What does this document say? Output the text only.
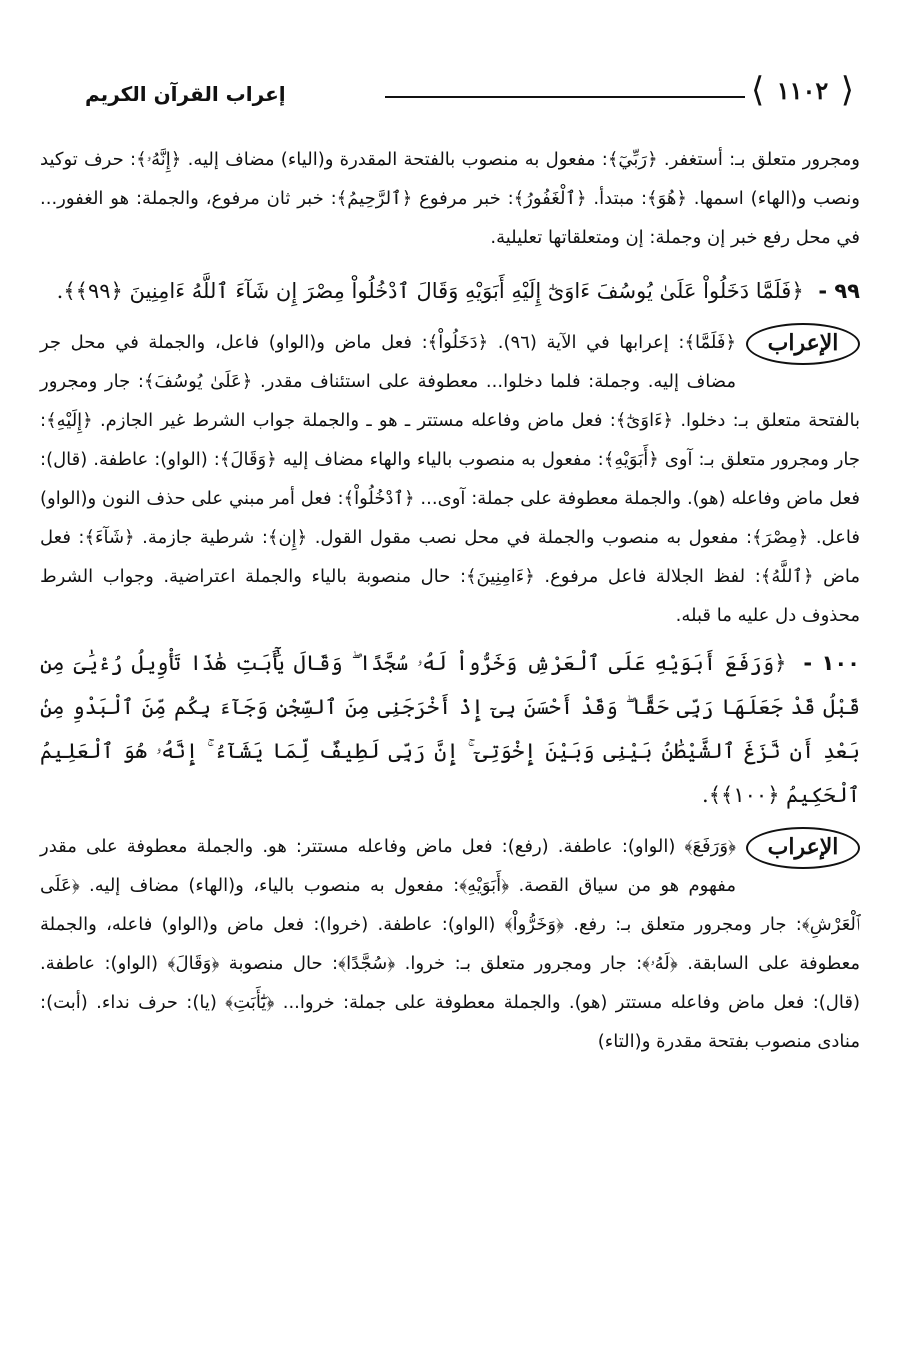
⟨ ١١٠٢ ⟩
إعراب القرآن الكريم

ومجرور متعلق بـ: أستغفر. ﴿رَبِّيٓ﴾: مفعول به منصوب بالفتحة المقدرة و(الياء) مضاف إليه. ﴿إِنَّهُۥ﴾: حرف توكيد ونصب و(الهاء) اسمها. ﴿هُوَ﴾: مبتدأ. ﴿ٱلْغَفُورُ﴾: خبر مرفوع ﴿ٱلرَّحِيمُ﴾: خبر ثان مرفوع، والجملة: هو الغفور... في محل رفع خبر إن وجملة: إن ومتعلقاتها تعليلية.

٩٩ - ﴿فَلَمَّا دَخَلُواْ عَلَىٰ يُوسُفَ ءَاوَىٰٓ إِلَيْهِ أَبَوَيْهِ وَقَالَ ٱدْخُلُواْ مِصْرَ إِن شَآءَ ٱللَّهُ ءَامِنِينَ ﴿٩٩﴾﴾.
الإعراب
﴿فَلَمَّا﴾: إعرابها في الآية (٩٦). ﴿دَخَلُواْ﴾: فعل ماض و(الواو) فاعل، والجملة في محل جر مضاف إليه. وجملة: فلما دخلوا... معطوفة على استئناف مقدر. ﴿عَلَىٰ يُوسُفَ﴾: جار ومجرور بالفتحة متعلق بـ: دخلوا. ﴿ءَاوَىٰٓ﴾: فعل ماض وفاعله مستتر ـ هو ـ والجملة جواب الشرط غير الجازم. ﴿إِلَيْهِ﴾: جار ومجرور متعلق بـ: آوى ﴿أَبَوَيْهِ﴾: مفعول به منصوب بالياء والهاء مضاف إليه ﴿وَقَالَ﴾: (الواو): عاطفة. (قال): فعل ماض وفاعله (هو). والجملة معطوفة على جملة: آوى... ﴿ٱدْخُلُواْ﴾: فعل أمر مبني على حذف النون و(الواو) فاعل. ﴿مِصْرَ﴾: مفعول به منصوب والجملة في محل نصب مقول القول. ﴿إِن﴾: شرطية جازمة. ﴿شَآءَ﴾: فعل ماض ﴿ٱللَّهُ﴾: لفظ الجلالة فاعل مرفوع. ﴿ءَامِنِينَ﴾: حال منصوبة بالياء والجملة اعتراضية. وجواب الشرط محذوف دل عليه ما قبله.
١٠٠ - ﴿وَرَفَعَ أَبَوَيْهِ عَلَى ٱلْعَرْشِ وَخَرُّواْ لَهُۥ سُجَّدًا ۖ وَقَالَ يَٰٓأَبَتِ هَٰذَا تَأْوِيلُ رُءْيَٰىَ مِن قَبْلُ قَدْ جَعَلَهَا رَبِّى حَقًّا ۖ وَقَدْ أَحْسَنَ بِىٓ إِذْ أَخْرَجَنِى مِنَ ٱلسِّجْنِ وَجَآءَ بِكُم مِّنَ ٱلْبَدْوِ مِنۢ بَعْدِ أَن نَّزَغَ ٱلشَّيْطَٰنُ بَيْنِى وَبَيْنَ إِخْوَتِىٓ ۚ إِنَّ رَبِّى لَطِيفٌ لِّمَا يَشَآءُ ۚ إِنَّهُۥ هُوَ ٱلْعَلِيمُ ٱلْحَكِيمُ ﴿١٠٠﴾﴾.
الإعراب
﴿وَرَفَعَ﴾ (الواو): عاطفة. (رفع): فعل ماض وفاعله مستتر: هو. والجملة معطوفة على مقدر مفهوم هو من سياق القصة. ﴿أَبَوَيْهِ﴾: مفعول به منصوب بالياء، و(الهاء) مضاف إليه. ﴿عَلَى ٱلْعَرْشِ﴾: جار ومجرور متعلق بـ: رفع. ﴿وَخَرُّواْ﴾ (الواو): عاطفة. (خروا): فعل ماض و(الواو) فاعله، والجملة معطوفة على السابقة. ﴿لَهُۥ﴾: جار ومجرور متعلق بـ: خروا. ﴿سُجَّدًا﴾: حال منصوبة ﴿وَقَالَ﴾ (الواو): عاطفة. (قال): فعل ماض وفاعله مستتر (هو). والجملة معطوفة على جملة: خروا... ﴿يَٰٓأَبَتِ﴾ (يا): حرف نداء. (أبت): منادى منصوب بفتحة مقدرة و(التاء)
